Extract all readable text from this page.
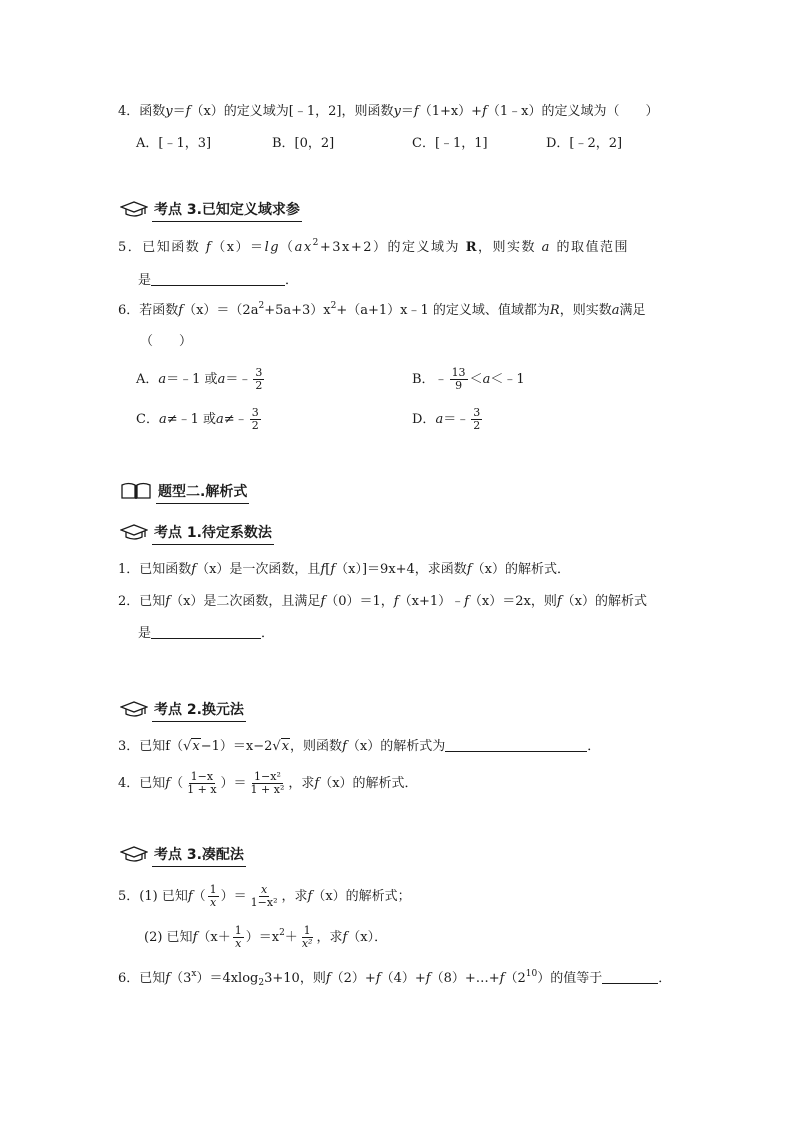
4．函数y＝f（x）的定义域为[﹣1，2]，则函数y＝f（1+x）+f（1﹣x）的定义域为（　　）
A．[﹣1，3]	B．[0，2]	C．[﹣1，1]	D．[﹣2，2]
考点 3.已知定义域求参
5．已知函数 $f(x)=\lg(ax^2+3x+2)$的定义域为 R，则实数 a 的取值范围
是	．
6．若函数$f(x)=(2a^2+5a+3)x^2+(a+1)x﹣1$ 的定义域、值域都为R，则实数a满足
（　　）
A．a＝﹣1 或a＝﹣ $\frac{3}{2}$	B．﹣ $\frac{13}{9}$ ＜a＜﹣1
C．a≠﹣1 或a≠﹣ $\frac{3}{2}$	D．a＝﹣ $\frac{3}{2}$
题型二.解析式
考点 1.待定系数法
1．已知函数f（x）是一次函数，且f[f（x）]＝9x+4，求函数f（x）的解析式．
2．已知f（x）是二次函数，且满足f（0）＝1，f（x+1）﹣f（x）＝2x，则f（x）的解析式
是	．
考点 2.换元法
3．已知f（√x−1）＝x−2√x，则函数f（x）的解析式为	．
4．已知$f( \frac{1-x}{1 + x}$ ）＝ $\frac{\text{1−x²}}{\text{1 + x²}}$ ，求f（x）的解析式．
考点 3.凑配法
5．(1) 已知$f( \frac{1}{x}$ ）＝ $\frac{x}{\text{1−x²}}$ ，求f（x）的解析式；
(2) 已知$f(x+ \frac{1}{x} )=x^2+ \frac{1}{\text{x²}}$ ，求f（x）．
6．已知$f(3^x)=4xlog_23+10$，则$f(2)+f(4)+f(8)+\dots+f(2^{10})$的值等于	．
